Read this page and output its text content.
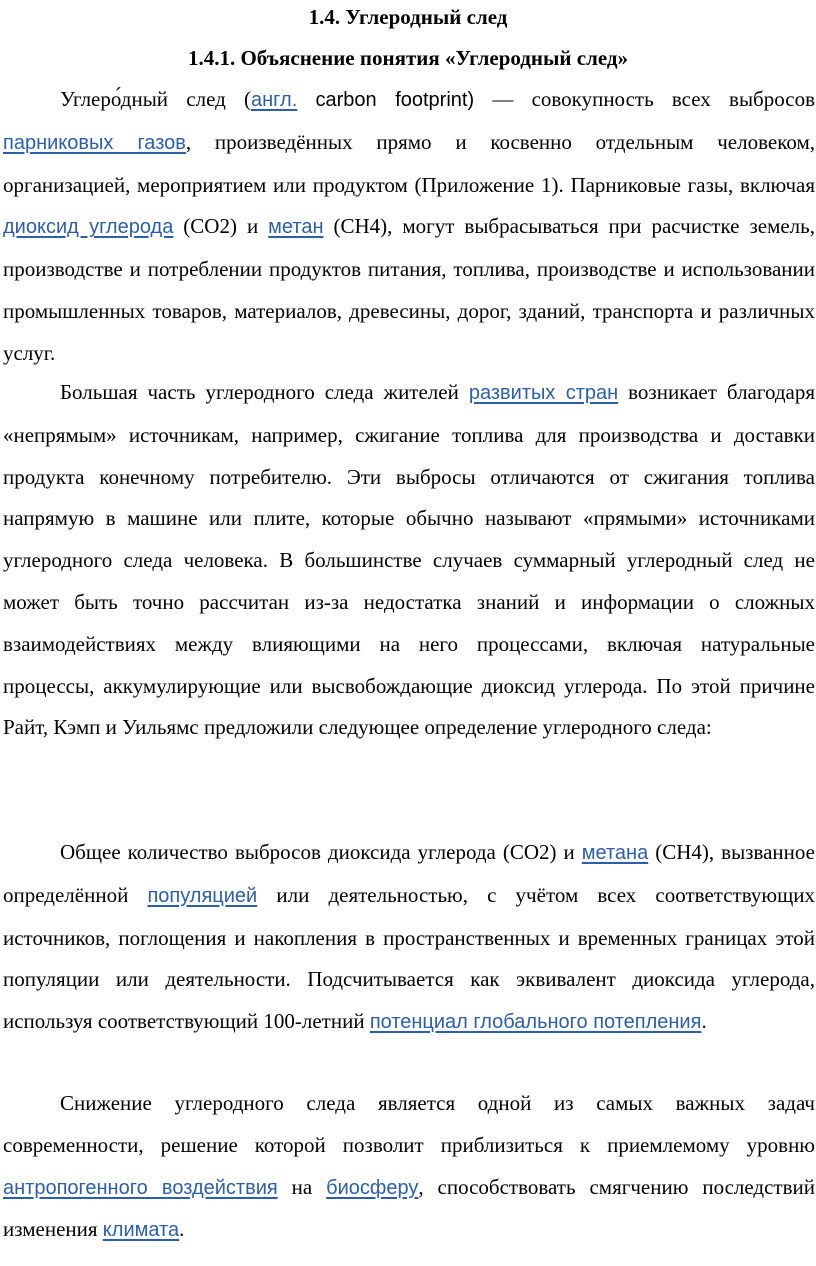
1.4. Углеродный след
1.4.1. Объяснение понятия «Углеродный след»

Углеро́дный след (англ. carbon footprint) — совокупность всех выбросов парниковых газов, произведённых прямо и косвенно отдельным человеком, организацией, мероприятием или продуктом (Приложение 1). Парниковые газы, включая диоксид углерода (CO2) и метан (CH4), могут выбрасываться при расчистке земель, производстве и потреблении продуктов питания, топлива, производстве и использовании промышленных товаров, материалов, древесины, дорог, зданий, транспорта и различных услуг.

Большая часть углеродного следа жителей развитых стран возникает благодаря «непрямым» источникам, например, сжигание топлива для производства и доставки продукта конечному потребителю. Эти выбросы отличаются от сжигания топлива напрямую в машине или плите, которые обычно называют «прямыми» источниками углеродного следа человека. В большинстве случаев суммарный углеродный след не может быть точно рассчитан из-за недостатка знаний и информации о сложных взаимодействиях между влияющими на него процессами, включая натуральные процессы, аккумулирующие или высвобождающие диоксид углерода. По этой причине Райт, Кэмп и Уильямс предложили следующее определение углеродного следа:

Общее количество выбросов диоксида углерода (CO2) и метана (CH4), вызванное определённой популяцией или деятельностью, с учётом всех соответствующих источников, поглощения и накопления в пространственных и временных границах этой популяции или деятельности. Подсчитывается как эквивалент диоксида углерода, используя соответствующий 100-летний потенциал глобального потепления.

Снижение углеродного следа является одной из самых важных задач современности, решение которой позволит приблизиться к приемлемому уровню антропогенного воздействия на биосферу, способствовать смягчению последствий изменения климата.
